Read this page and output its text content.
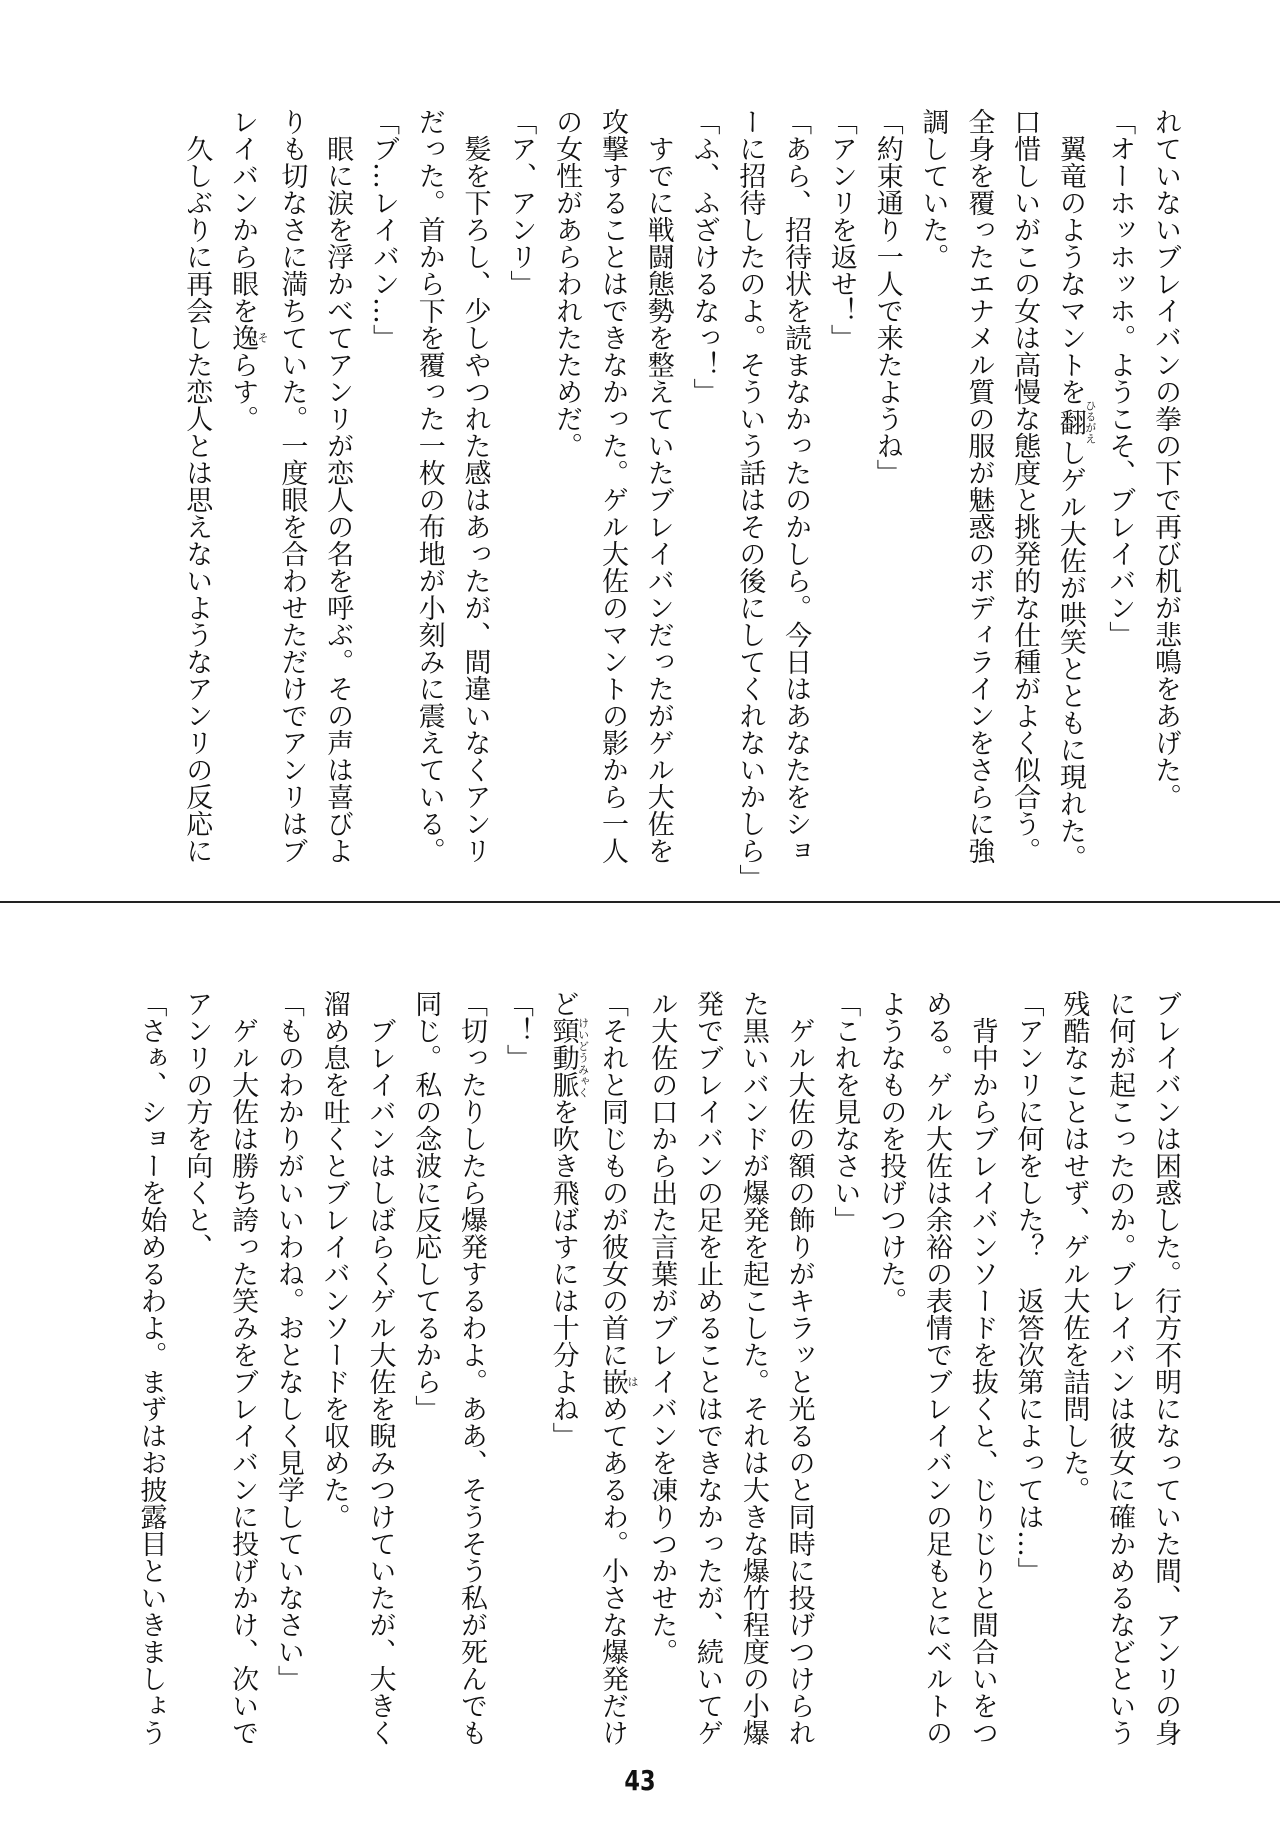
れていないブレイバンの拳の下で再び机が悲鳴をあげた。
「オーホッホッホ。ようこそ、ブレイバン」
翼竜のようなマントを翻ひるがえしゲル大佐が哄笑とともに現れた。
口惜しいがこの女は高慢な態度と挑発的な仕種がよく似合う。
全身を覆ったエナメル質の服が魅惑のボディラインをさらに強
調していた。
「約束通り一人で来たようね」
「アンリを返せ！」
「あら、招待状を読まなかったのかしら。今日はあなたをショ
ーに招待したのよ。そういう話はその後にしてくれないかしら」
「ふ、ふざけるなっ！」
すでに戦闘態勢を整えていたブレイバンだったがゲル大佐を
攻撃することはできなかった。ゲル大佐のマントの影から一人
の女性があらわれたためだ。
「ア、アンリ」
髪を下ろし、少しやつれた感はあったが、間違いなくアンリ
だった。首から下を覆った一枚の布地が小刻みに震えている。
「ブ…レイバン…」
眼に涙を浮かべてアンリが恋人の名を呼ぶ。その声は喜びよ
りも切なさに満ちていた。一度眼を合わせただけでアンリはブ
レイバンから眼を逸そらす。
久しぶりに再会した恋人とは思えないようなアンリの反応に
ブレイバンは困惑した。行方不明になっていた間、アンリの身
に何が起こったのか。ブレイバンは彼女に確かめるなどという
残酷なことはせず、ゲル大佐を詰問した。
「アンリに何をした？　返答次第によっては…」
背中からブレイバンソードを抜くと、じりじりと間合いをつ
める。ゲル大佐は余裕の表情でブレイバンの足もとにベルトの
ようなものを投げつけた。
「これを見なさい」
ゲル大佐の額の飾りがキラッと光るのと同時に投げつけられ
た黒いバンドが爆発を起こした。それは大きな爆竹程度の小爆
発でブレイバンの足を止めることはできなかったが、続いてゲ
ル大佐の口から出た言葉がブレイバンを凍りつかせた。
「それと同じものが彼女の首に嵌はめてあるわ。小さな爆発だけ
ど頸動脈けいどうみゃくを吹き飛ばすには十分よね」
「！」
「切ったりしたら爆発するわよ。ああ、そうそう私が死んでも
同じ。私の念波に反応してるから」
ブレイバンはしばらくゲル大佐を睨みつけていたが、大きく
溜め息を吐くとブレイバンソードを収めた。
「ものわかりがいいわね。おとなしく見学していなさい」
ゲル大佐は勝ち誇った笑みをブレイバンに投げかけ、次いで
アンリの方を向くと、
「さぁ、ショーを始めるわよ。まずはお披露目といきましょう
43
